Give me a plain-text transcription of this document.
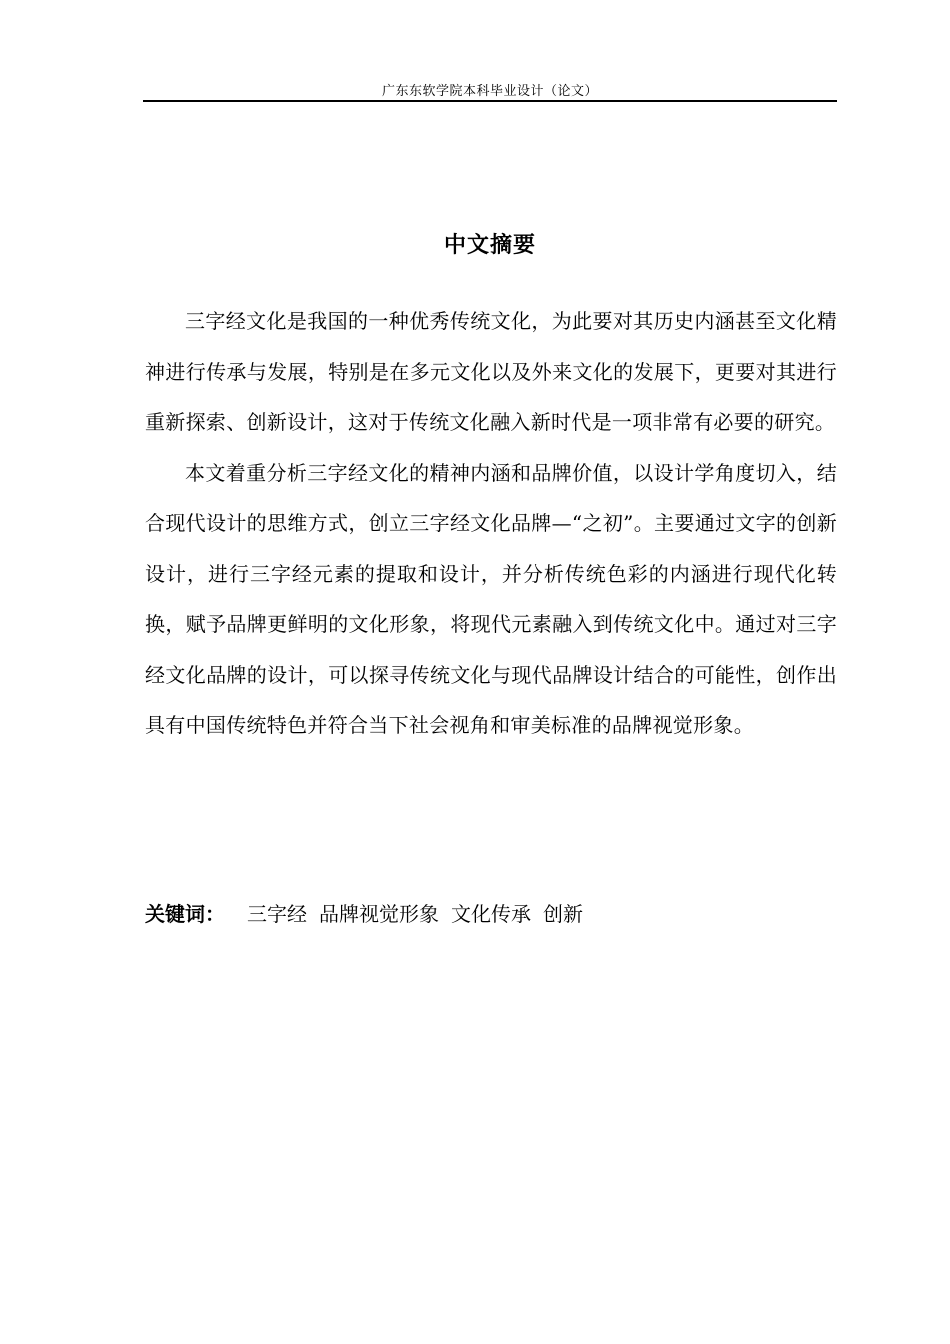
广东东软学院本科毕业设计（论文）
中文摘要

三字经文化是我国的一种优秀传统文化，为此要对其历史内涵甚至文化精神进行传承与发展，特别是在多元文化以及外来文化的发展下，更要对其进行重新探索、创新设计，这对于传统文化融入新时代是一项非常有必要的研究。

本文着重分析三字经文化的精神内涵和品牌价值，以设计学角度切入，结合现代设计的思维方式，创立三字经文化品牌—“之初”。主要通过文字的创新设计，进行三字经元素的提取和设计，并分析传统色彩的内涵进行现代化转换，赋予品牌更鲜明的文化形象，将现代元素融入到传统文化中。通过对三字经文化品牌的设计，可以探寻传统文化与现代品牌设计结合的可能性，创作出具有中国传统特色并符合当下社会视角和审美标准的品牌视觉形象。

关键词： 三字经 品牌视觉形象 文化传承 创新
